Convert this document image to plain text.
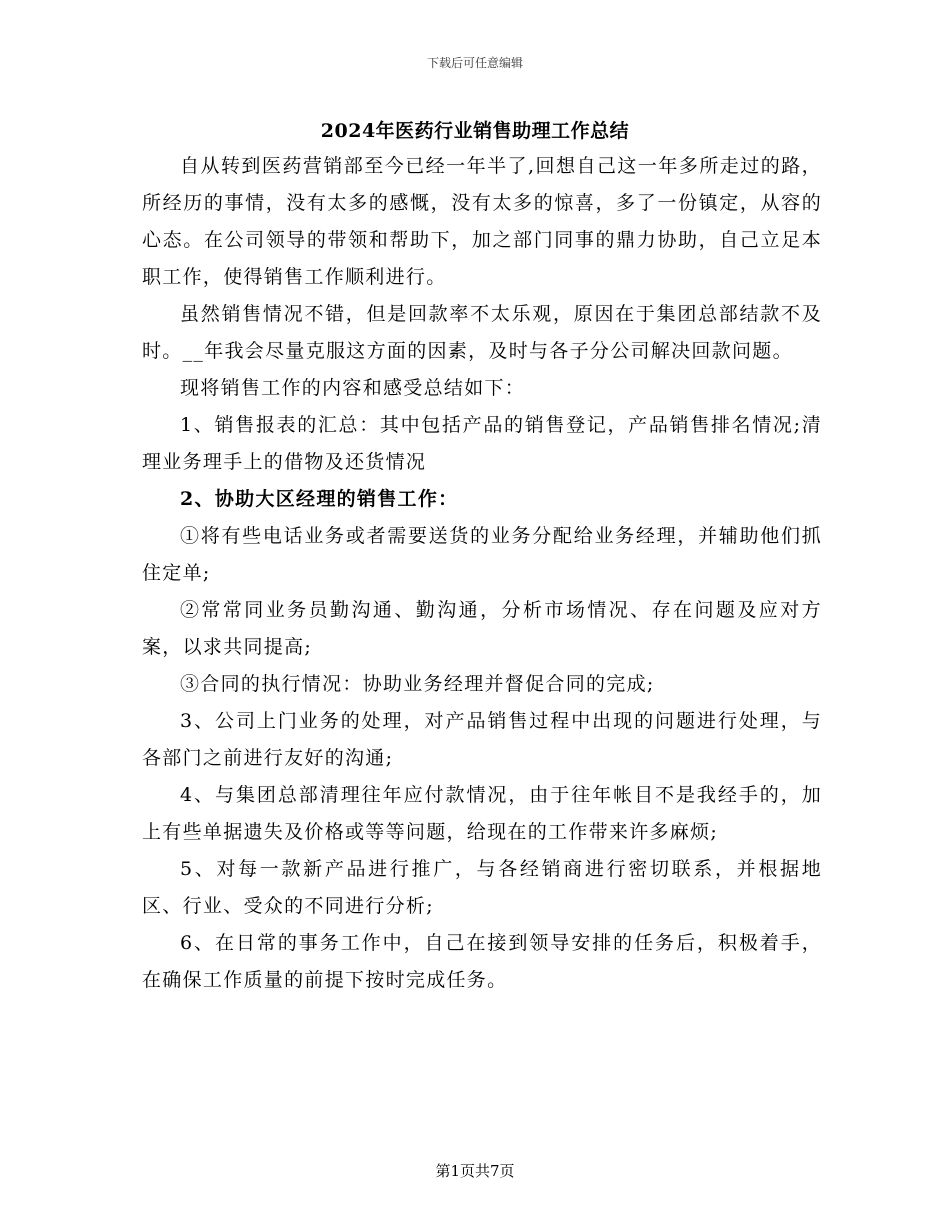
下载后可任意编辑
2024年医药行业销售助理工作总结

自从转到医药营销部至今已经一年半了,回想自己这一年多所走过的路，所经历的事情，没有太多的感慨，没有太多的惊喜，多了一份镇定，从容的心态。在公司领导的带领和帮助下，加之部门同事的鼎力协助，自己立足本职工作，使得销售工作顺利进行。

虽然销售情况不错，但是回款率不太乐观，原因在于集团总部结款不及时。__年我会尽量克服这方面的因素，及时与各子分公司解决回款问题。

现将销售工作的内容和感受总结如下：

1、销售报表的汇总：其中包括产品的销售登记，产品销售排名情况;清理业务理手上的借物及还货情况

2、协助大区经理的销售工作：

①将有些电话业务或者需要送货的业务分配给业务经理，并辅助他们抓住定单;

②常常同业务员勤沟通、勤沟通，分析市场情况、存在问题及应对方案，以求共同提高;

③合同的执行情况：协助业务经理并督促合同的完成;

3、公司上门业务的处理，对产品销售过程中出现的问题进行处理，与各部门之前进行友好的沟通;

4、与集团总部清理往年应付款情况，由于往年帐目不是我经手的，加上有些单据遗失及价格或等等问题，给现在的工作带来许多麻烦;

5、对每一款新产品进行推广，与各经销商进行密切联系，并根据地区、行业、受众的不同进行分析;

6、在日常的事务工作中，自己在接到领导安排的任务后，积极着手，在确保工作质量的前提下按时完成任务。

第1页共7页
